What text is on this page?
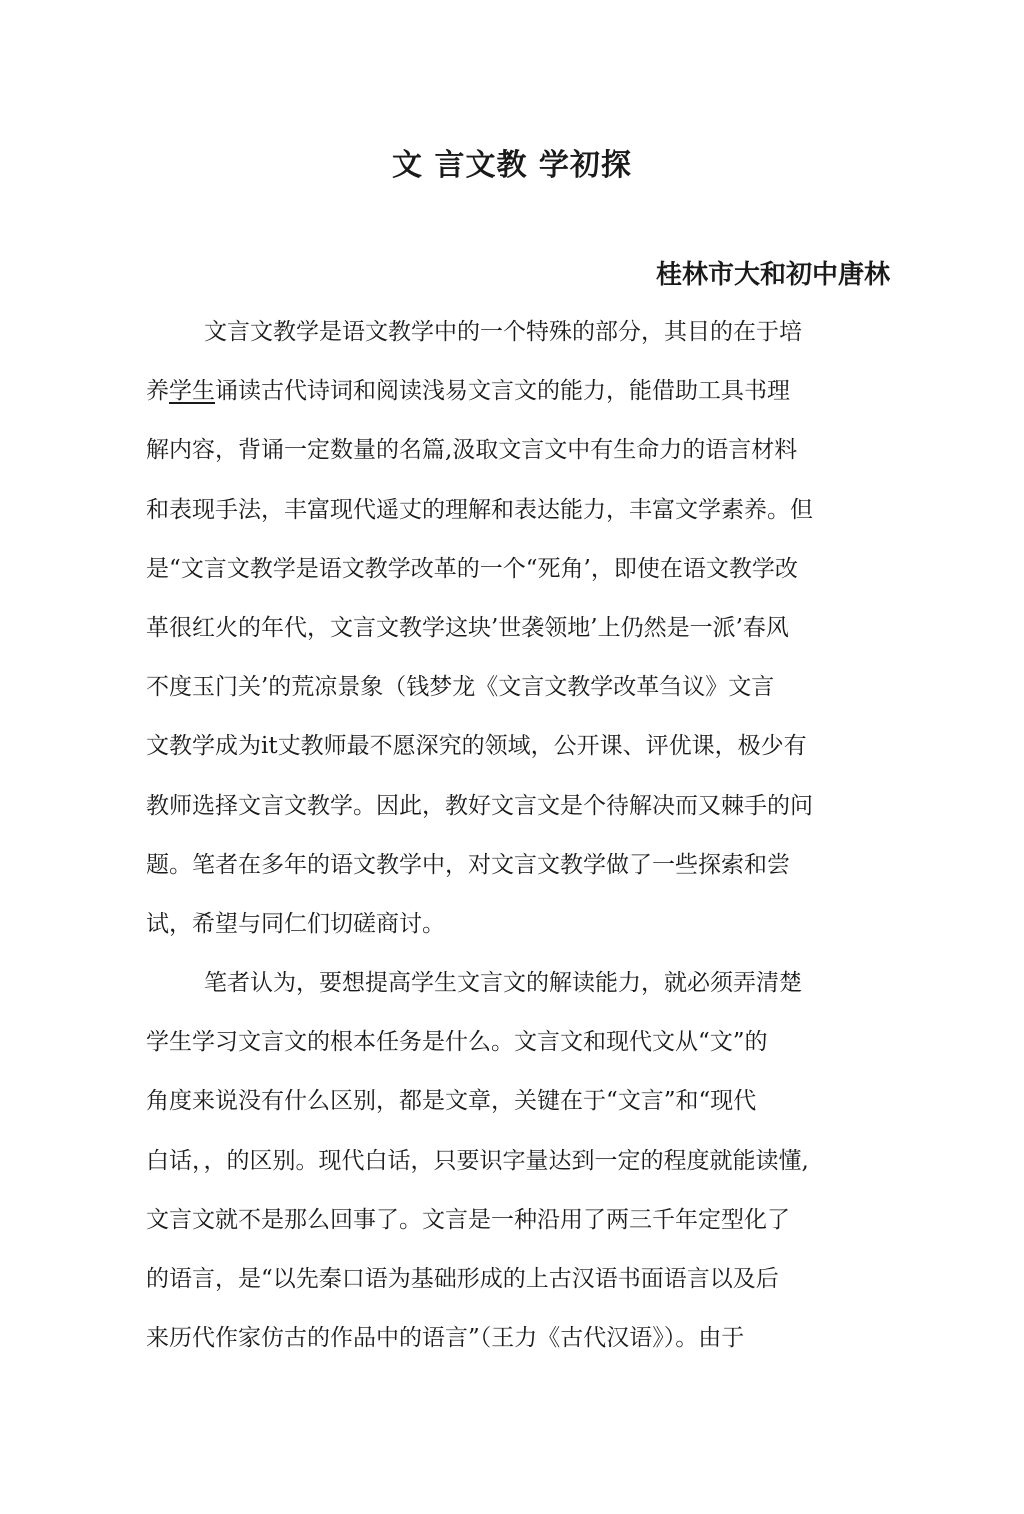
文 言文教 学初探
桂林市大和初中唐林
文言文教学是语文教学中的一个特殊的部分，其目的在于培
养学生诵读古代诗词和阅读浅易文言文的能力，能借助工具书理
解内容，背诵一定数量的名篇,汲取文言文中有生命力的语言材料
和表现手法，丰富现代遥丈的理解和表达能力，丰富文学素养。但
是“文言文教学是语文教学改革的一个“死角’，即使在语文教学改
革很红火的年代，文言文教学这块’世袭领地’上仍然是一派’春风
不度玉门关’的荒凉景象（钱梦龙《文言文教学改革刍议》文言
文教学成为it丈教师最不愿深究的领域，公开课、评优课，极少有
教师选择文言文教学。因此，教好文言文是个待解决而又棘手的问
题。笔者在多年的语文教学中，对文言文教学做了一些探索和尝
试，希望与同仁们切磋商讨。
笔者认为，要想提高学生文言文的解读能力，就必须弄清楚
学生学习文言文的根本任务是什么。文言文和现代文从“文”的
角度来说没有什么区别，都是文章，关键在于“文言”和“现代
白话，，的区别。现代白话，只要识字量达到一定的程度就能读懂,
文言文就不是那么回事了。文言是一种沿用了两三千年定型化了
的语言，是“以先秦口语为基础形成的上古汉语书面语言以及后
来历代作家仿古的作品中的语言”（王力《古代汉语》）。由于
